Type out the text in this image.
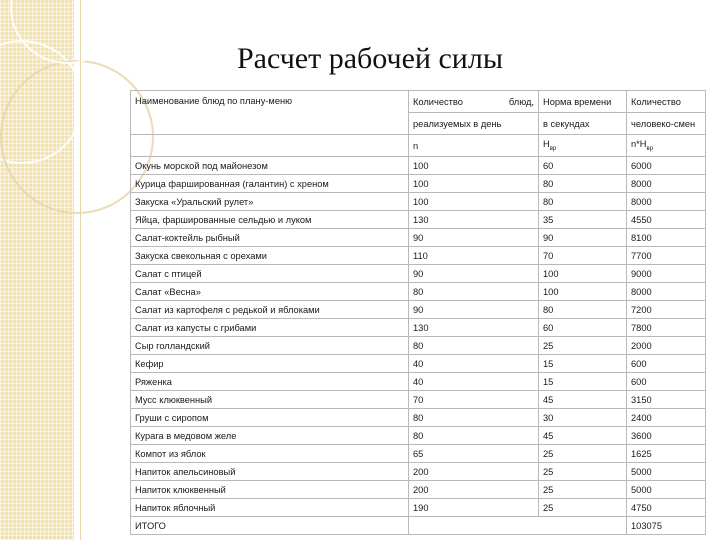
Расчет рабочей силы
Наименование блюд по плану-меню	Количество блюд,	Норма времени	Количество
	реализуемых в день	в секундах	человеко-смен
	n	$H_{вр}$	$n*H_{вр}$
Окунь морской под майонезом	100	60	6000
Курица фаршированная (галантин) с хреном	100	80	8000
Закуска «Уральский рулет»	100	80	8000
Яйца, фаршированные сельдью и луком	130	35	4550
Салат-коктейль рыбный	90	90	8100
Закуска свекольная с орехами	110	70	7700
Салат с птицей	90	100	9000
Салат «Весна»	80	100	8000
Салат из картофеля с редькой и яблоками	90	80	7200
Салат из капусты с грибами	130	60	7800
Сыр голландский	80	25	2000
Кефир	40	15	600
Ряженка	40	15	600
Мусс клюквенный	70	45	3150
Груши с сиропом	80	30	2400
Курага в медовом желе	80	45	3600
Компот из яблок	65	25	1625
Напиток апельсиновый	200	25	5000
Напиток клюквенный	200	25	5000
Напиток яблочный	190	25	4750
ИТОГО			103075
